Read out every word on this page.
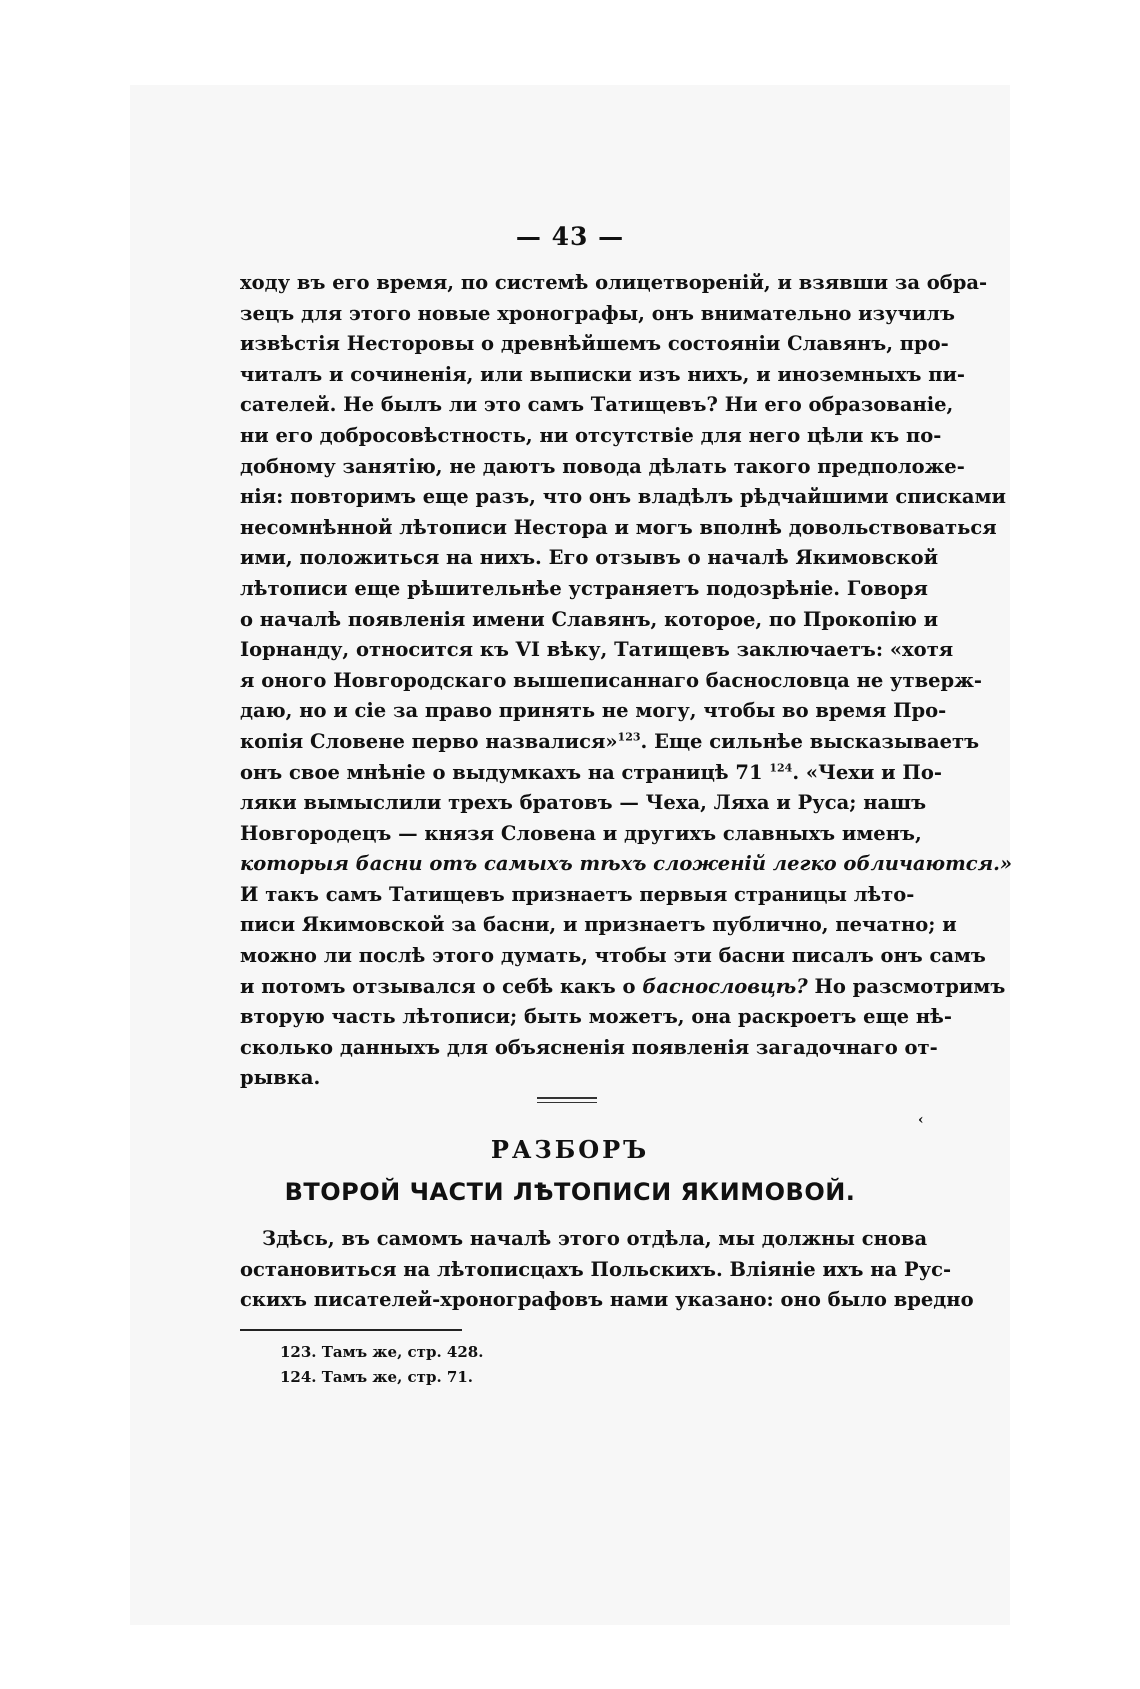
— 43 —
ходу въ его время, по системѣ олицетвореній, и взявши за обра-
зецъ для этого новые хронографы, онъ внимательно изучилъ
извѣстія Несторовы о древнѣйшемъ состояніи Славянъ, про-
читалъ и сочиненія, или выписки изъ нихъ, и иноземныхъ пи-
сателей. Не былъ ли это самъ Татищевъ? Ни его образованіе,
ни его добросовѣстность, ни отсутствіе для него цѣли къ по-
добному занятію, не даютъ повода дѣлать такого предположе-
нія: повторимъ еще разъ, что онъ владѣлъ рѣдчайшими списками
несомнѣнной лѣтописи Нестора и могъ вполнѣ довольствоваться
ими, положиться на нихъ. Его отзывъ о началѣ Якимовской
лѣтописи еще рѣшительнѣе устраняетъ подозрѣніе. Говоря
о началѣ появленія имени Славянъ, которое, по Прокопію и
Іорнанду, относится къ VI вѣку, Татищевъ заключаетъ: «хотя
я оного Новгородскаго вышеписаннаго баснословца не утверж-
даю, но и сіе за право принять не могу, чтобы во время Про-
копія Словене перво назвалися»$^{123}$. Еще сильнѣе высказываетъ
онъ свое мнѣніе о выдумкахъ на страницѣ 71 $^{124}$. «Чехи и По-
ляки вымыслили трехъ братовъ — Чеха, Ляха и Руса; нашъ
Новгородецъ — князя Словена и другихъ славныхъ именъ,
которыя басни отъ самыхъ тѣхъ сложеній легко обличаются.»
И такъ самъ Татищевъ признаетъ первыя страницы лѣто-
писи Якимовской за басни, и признаетъ публично, печатно; и
можно ли послѣ этого думать, чтобы эти басни писалъ онъ самъ
и потомъ отзывался о себѣ какъ о баснословцѣ? Но разсмотримъ
вторую часть лѣтописи; быть можетъ, она раскроетъ еще нѣ-
сколько данныхъ для объясненія появленія загадочнаго от-
рывка.
‹
РАЗБОРЪ
ВТОРОЙ ЧАСТИ ЛѢТОПИСИ ЯКИМОВОЙ.
Здѣсь, въ самомъ началѣ этого отдѣла, мы должны снова
остановиться на лѣтописцахъ Польскихъ. Вліяніе ихъ на Рус-
скихъ писателей-хронографовъ нами указано: оно было вредно
123. Тамъ же, стр. 428.
124. Тамъ же, стр. 71.
